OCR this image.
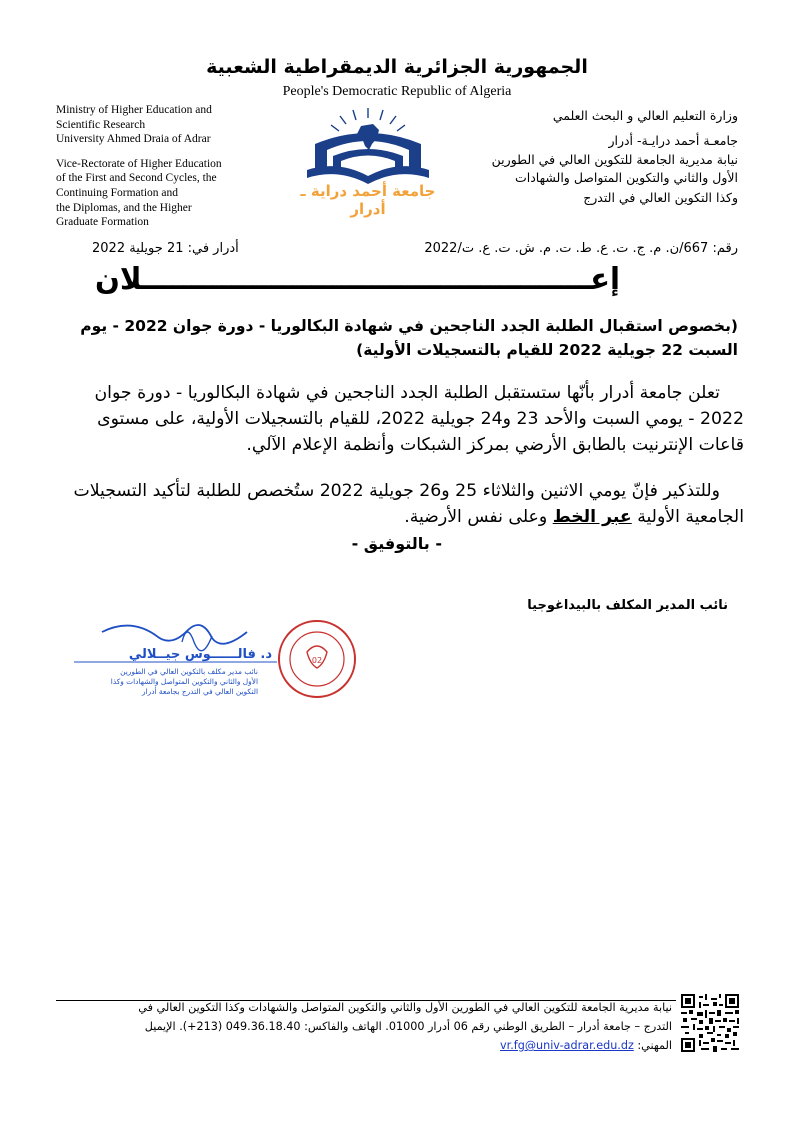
الجمهورية الجزائرية الديمقراطية الشعبية
People's Democratic Republic of Algeria
Ministry of Higher Education and
Scientific Research
University Ahmed Draia of Adrar
Vice-Rectorate of Higher Education
of the First and Second Cycles, the
Continuing Formation and
the Diplomas, and the Higher
Graduate Formation
وزارة التعليم العالي و البحث العلمي
جامعـة أحمد درايـة- أدرار
نيابة مديرية الجامعة للتكوين العالي في الطورين
الأول والثاني والتكوين المتواصل والشهادات
وكذا التكوين العالي في التدرج
جامعة أحمد دراية ـ أدرار
رقم: 667/ن. م. ج. ت. ع. ط. ت. م. ش. ت. ع. ت/2022
أدرار في: 21 جويلية 2022
إعـــــــــــــــــــــــــــــــــــــــــــــلان
(بخصوص استقبال الطلبة الجدد الناجحين في شهادة البكالوريا - دورة جوان 2022 - يوم السبت 22 جويلية 2022 للقيام بالتسجيلات الأولية)
تعلن جامعة أدرار بأنّها ستستقبل الطلبة الجدد الناجحين في شهادة البكالوريا - دورة جوان 2022 - يومي السبت والأحد 23 و24 جويلية 2022، للقيام بالتسجيلات الأولية، على مستوى قاعات الإنترنيت بالطابق الأرضي بمركز الشبكات وأنظمة الإعلام الآلي.
وللتذكير فإنّ يومي الاثنين والثلاثاء 25 و26 جويلية 2022 ستُخصص للطلبة لتأكيد التسجيلات الجامعية الأولية عبر الخط وعلى نفس الأرضية.
- بالتوفيق -
نائب المدير المكلف بالبيداغوجيا
02
د. فالــــــوس جيــلالي
نائب مدير مكلف بالتكوين العالي في الطورين
الأول والثاني والتكوين المتواصل والشهادات وكذا
التكوين العالي في التدرج بجامعة أدرار
نيابة مديرية الجامعة للتكوين العالي في الطورين الأول والثاني والتكوين المتواصل والشهادات وكذا التكوين العالي في
التدرج – جامعة أدرار – الطريق الوطني رقم 06 أدرار 01000. الهاتف والفاكس: 049.36.18.40 (213+). الإيميل
المهني: vr.fg@univ-adrar.edu.dz
